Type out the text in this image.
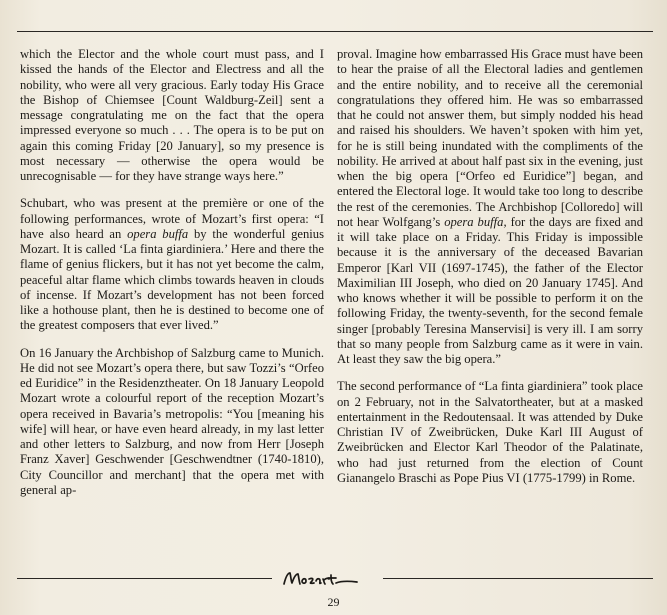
which the Elector and the whole court must pass, and I kissed the hands of the Elector and Electress and all the nobility, who were all very gracious. Early today His Grace the Bishop of Chiemsee [Count Waldburg-Zeil] sent a message congratulating me on the fact that the opera impressed everyone so much . . . The opera is to be put on again this coming Friday [20 January], so my presence is most necessary — otherwise the opera would be unrecognisable — for they have strange ways here.”

Schubart, who was present at the première or one of the following performances, wrote of Mozart’s first opera: “I have also heard an opera buffa by the wonderful genius Mozart. It is called ‘La finta giardiniera.’ Here and there the flame of genius flickers, but it has not yet become the calm, peaceful altar flame which climbs towards heaven in clouds of incense. If Mozart’s development has not been forced like a hothouse plant, then he is destined to become one of the greatest composers that ever lived.”

On 16 January the Archbishop of Salzburg came to Munich. He did not see Mozart’s opera there, but saw Tozzi’s “Orfeo ed Euridice” in the Residenztheater. On 18 January Leopold Mozart wrote a colourful report of the reception Mozart’s opera received in Bavaria’s metropolis: “You [meaning his wife] will hear, or have even heard already, in my last letter and other letters to Salzburg, and now from Herr [Joseph Franz Xaver] Geschwender [Geschwendtner (1740-1810), City Councillor and merchant] that the opera met with general ap-

proval. Imagine how embarrassed His Grace must have been to hear the praise of all the Electoral ladies and gentlemen and the entire nobility, and to receive all the ceremonial congratulations they offered him. He was so embarrassed that he could not answer them, but simply nodded his head and raised his shoulders. We haven’t spoken with him yet, for he is still being inundated with the compliments of the nobility. He arrived at about half past six in the evening, just when the big opera [“Orfeo ed Euridice”] began, and entered the Electoral loge. It would take too long to describe the rest of the ceremonies. The Archbishop [Colloredo] will not hear Wolfgang’s opera buffa, for the days are fixed and it will take place on a Friday. This Friday is impossible because it is the anniversary of the deceased Bavarian Emperor [Karl VII (1697-1745), the father of the Elector Maximilian III Joseph, who died on 20 January 1745]. And who knows whether it will be possible to perform it on the following Friday, the twenty-seventh, for the second female singer [probably Teresina Manservisi] is very ill. I am sorry that so many people from Salzburg came as it were in vain. At least they saw the big opera.”

The second performance of “La finta giardiniera” took place on 2 February, not in the Salvatortheater, but at a masked entertainment in the Redoutensaal. It was attended by Duke Christian IV of Zweibrücken, Duke Karl III August of Zweibrücken and Elector Karl Theodor of the Palatinate, who had just returned from the election of Count Gianangelo Braschi as Pope Pius VI (1775-1799) in Rome.

29
